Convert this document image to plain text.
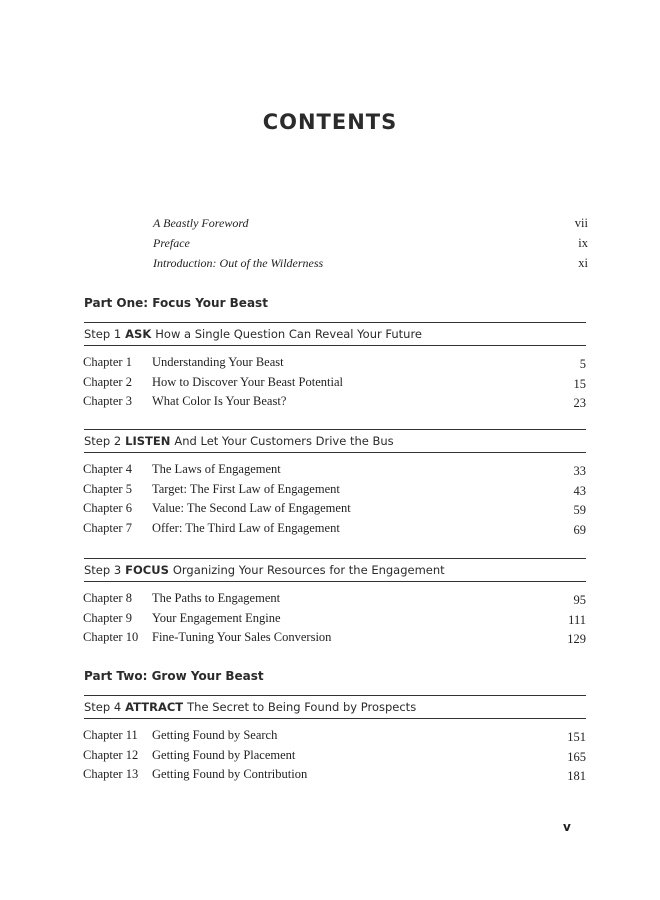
CONTENTS
A Beastly Foreword	vii
Preface	ix
Introduction: Out of the Wilderness	xi
Part One: Focus Your Beast
Step 1 ASK How a Single Question Can Reveal Your Future
Chapter 1 Understanding Your Beast	5
Chapter 2 How to Discover Your Beast Potential	15
Chapter 3 What Color Is Your Beast?	23
Step 2 LISTEN And Let Your Customers Drive the Bus
Chapter 4 The Laws of Engagement	33
Chapter 5 Target: The First Law of Engagement	43
Chapter 6 Value: The Second Law of Engagement	59
Chapter 7 Offer: The Third Law of Engagement	69
Step 3 FOCUS Organizing Your Resources for the Engagement
Chapter 8 The Paths to Engagement	95
Chapter 9 Your Engagement Engine	111
Chapter 10 Fine-Tuning Your Sales Conversion	129
Part Two: Grow Your Beast
Step 4 ATTRACT The Secret to Being Found by Prospects
Chapter 11 Getting Found by Search	151
Chapter 12 Getting Found by Placement	165
Chapter 13 Getting Found by Contribution	181
v
